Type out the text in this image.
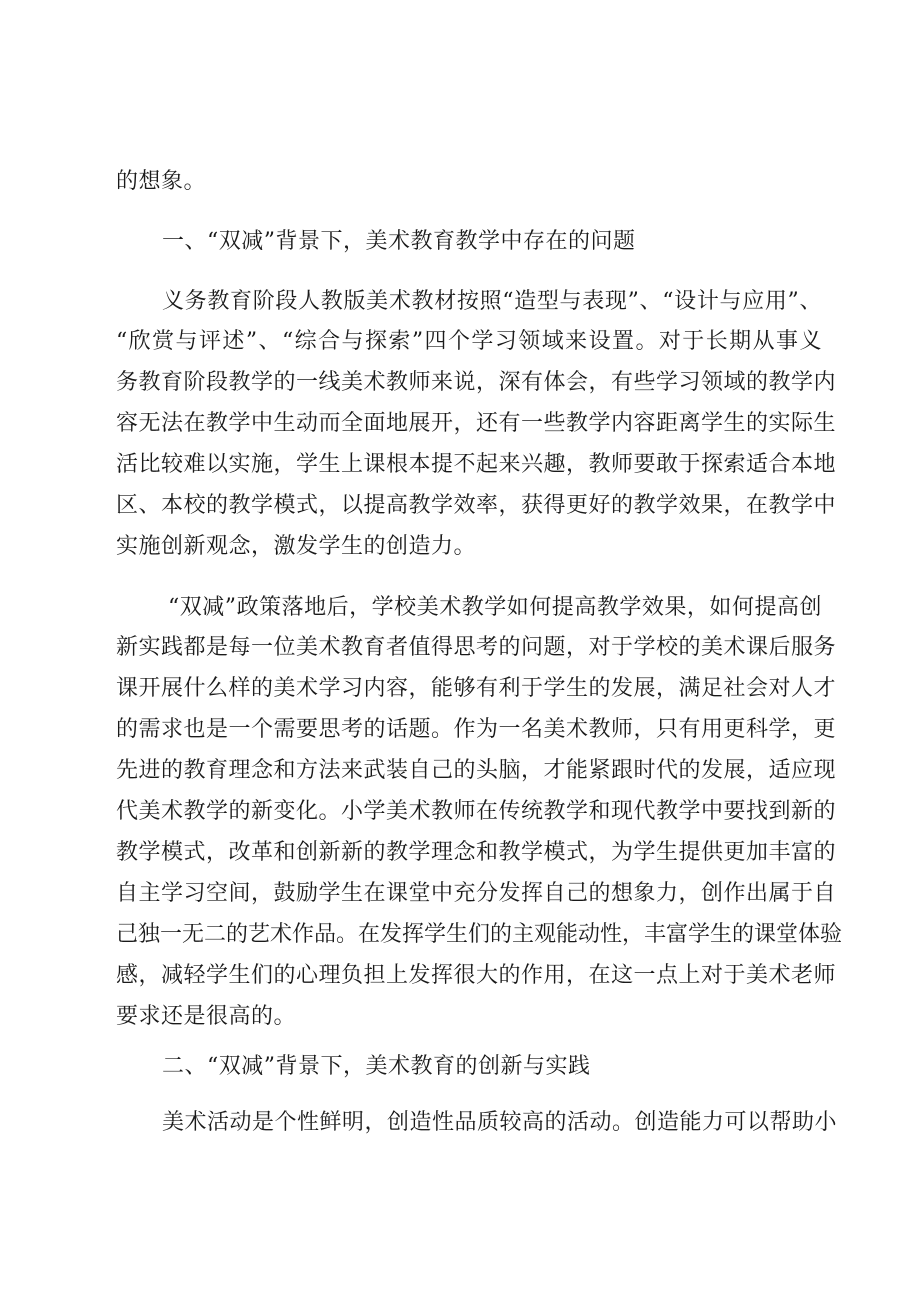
的想象。
一、“双减”背景下，美术教育教学中存在的问题
义务教育阶段人教版美术教材按照“造型与表现”、“设计与应用”、
“欣赏与评述”、“综合与探索”四个学习领域来设置。对于长期从事义
务教育阶段教学的一线美术教师来说，深有体会，有些学习领域的教学内
容无法在教学中生动而全面地展开，还有一些教学内容距离学生的实际生
活比较难以实施，学生上课根本提不起来兴趣，教师要敢于探索适合本地
区、本校的教学模式，以提高教学效率，获得更好的教学效果，在教学中
实施创新观念，激发学生的创造力。
“双减”政策落地后，学校美术教学如何提高教学效果，如何提高创
新实践都是每一位美术教育者值得思考的问题，对于学校的美术课后服务
课开展什么样的美术学习内容，能够有利于学生的发展，满足社会对人才
的需求也是一个需要思考的话题。作为一名美术教师，只有用更科学，更
先进的教育理念和方法来武装自己的头脑，才能紧跟时代的发展，适应现
代美术教学的新变化。小学美术教师在传统教学和现代教学中要找到新的
教学模式，改革和创新新的教学理念和教学模式，为学生提供更加丰富的
自主学习空间，鼓励学生在课堂中充分发挥自己的想象力，创作出属于自
己独一无二的艺术作品。在发挥学生们的主观能动性，丰富学生的课堂体验
感，减轻学生们的心理负担上发挥很大的作用，在这一点上对于美术老师
要求还是很高的。
二、“双减”背景下，美术教育的创新与实践
美术活动是个性鲜明，创造性品质较高的活动。创造能力可以帮助小
